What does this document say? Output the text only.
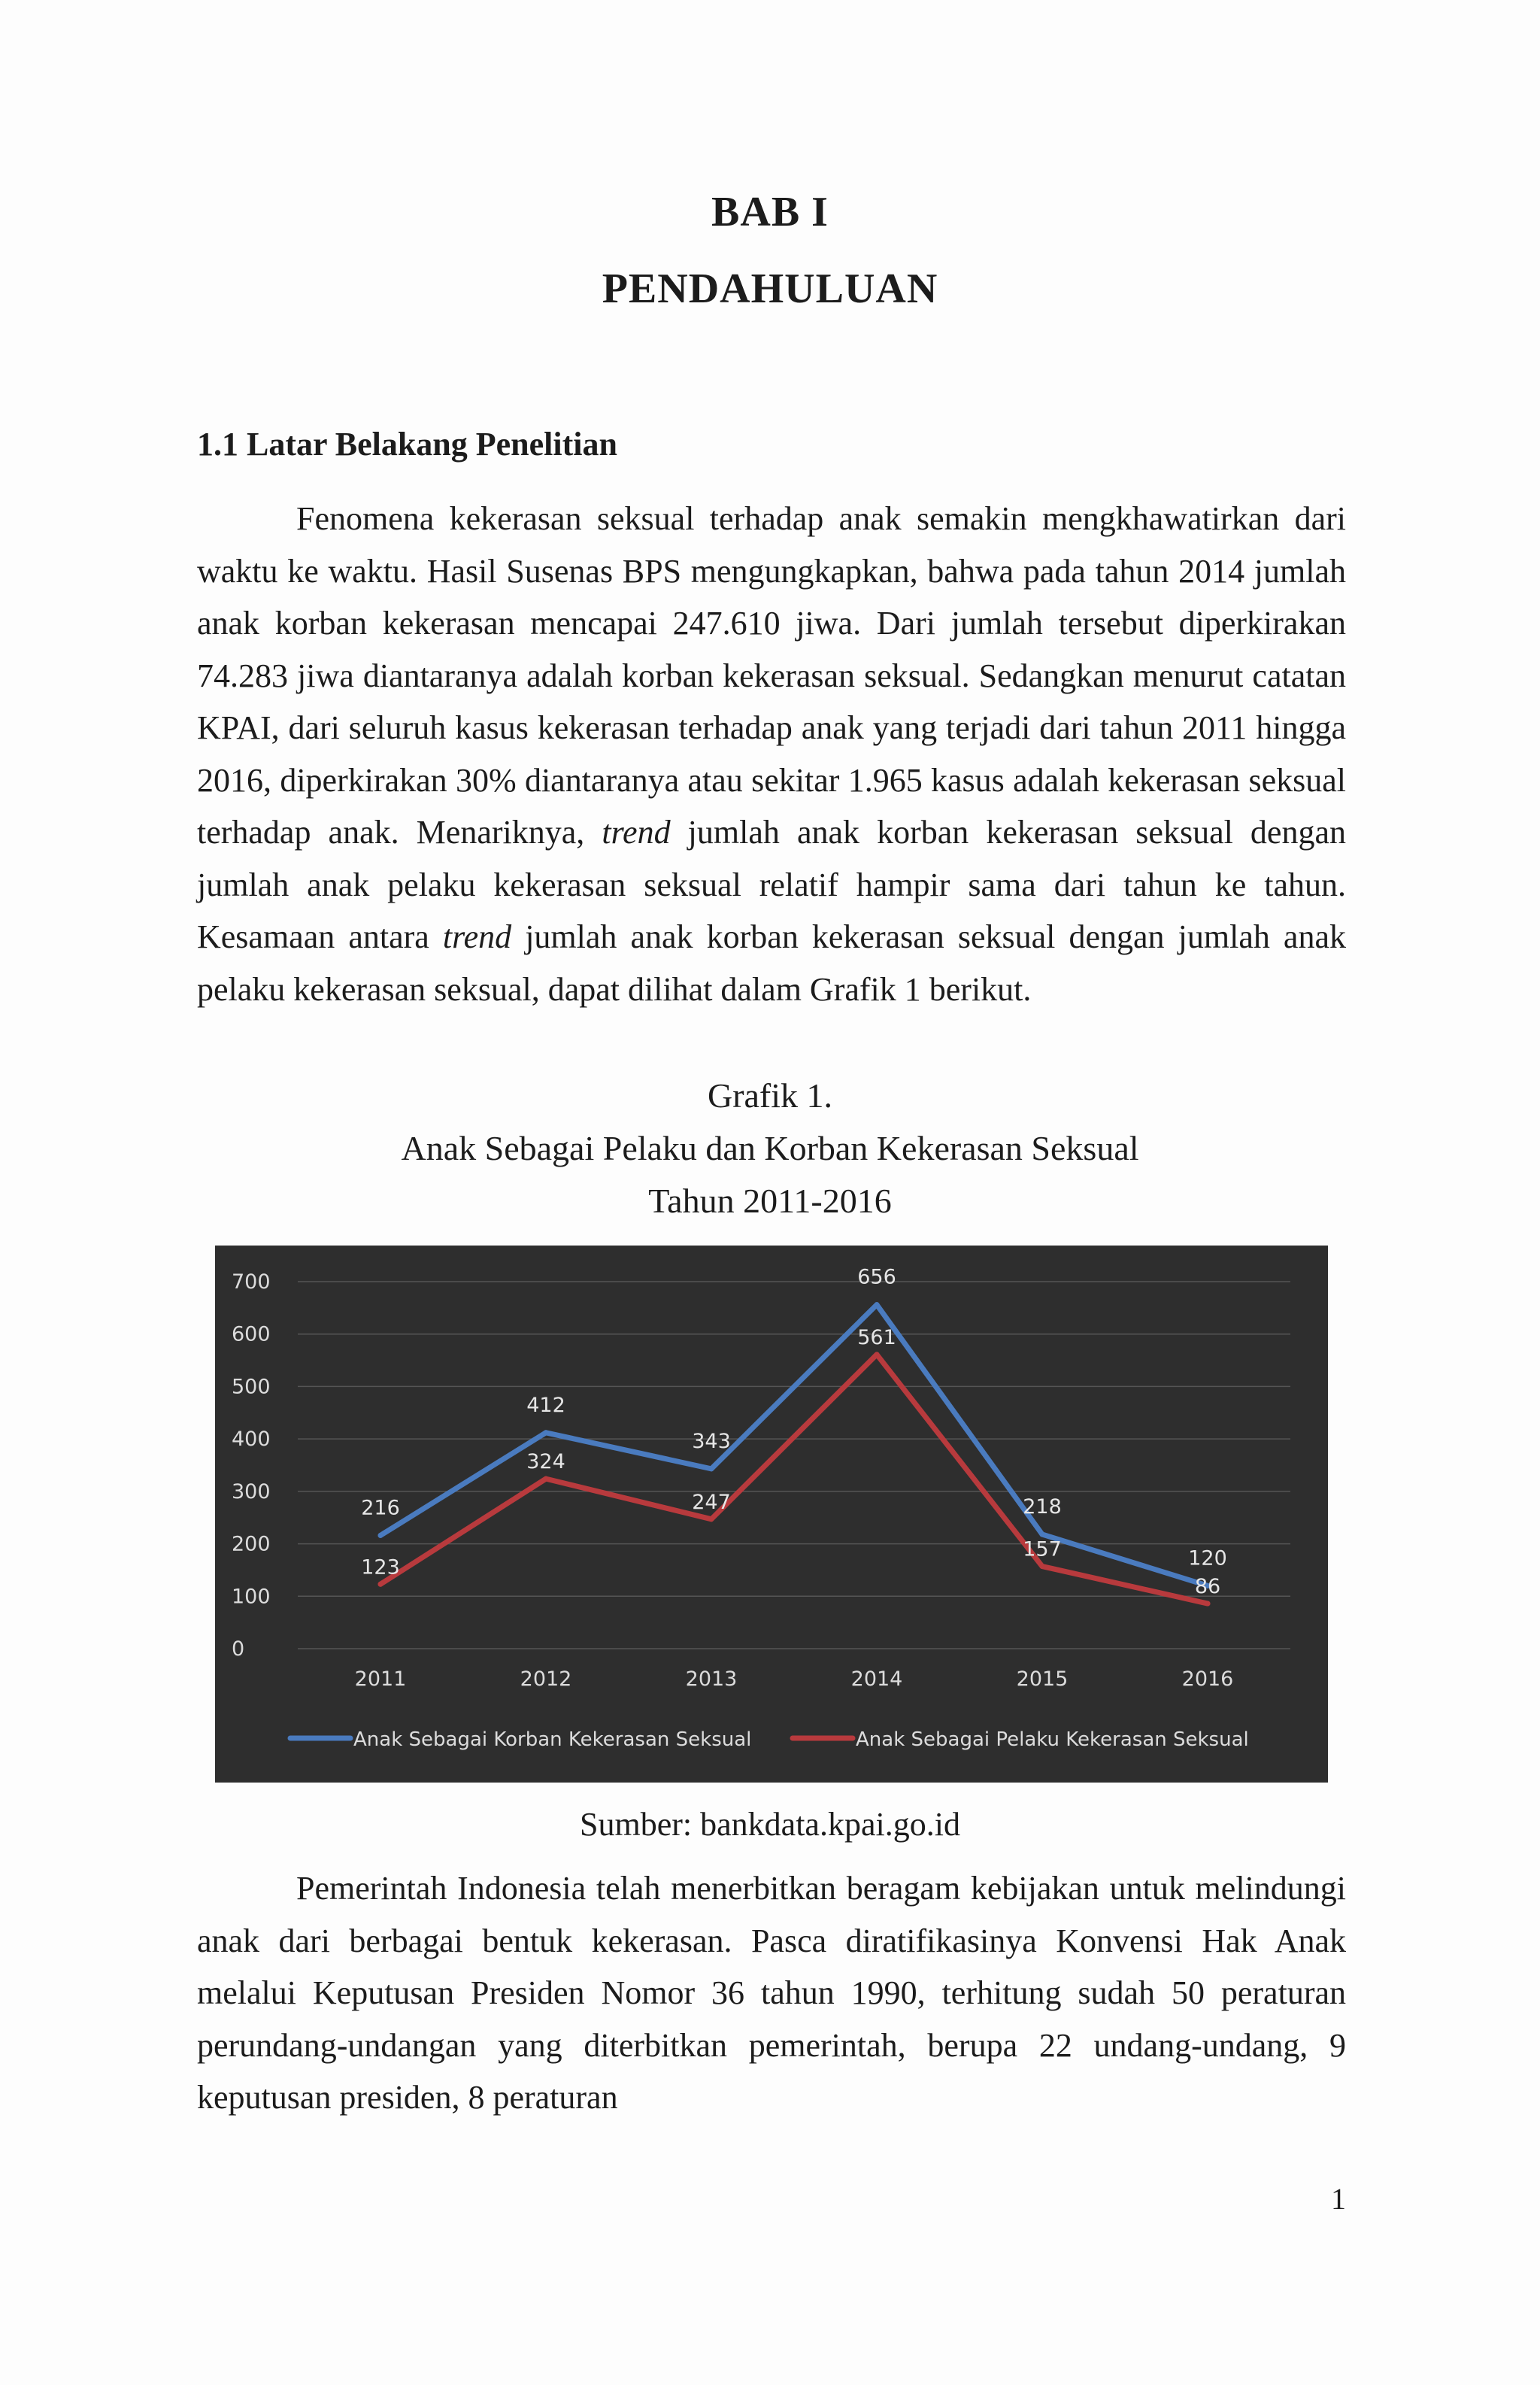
BAB I
PENDAHULUAN
1.1 Latar Belakang Penelitian

Fenomena kekerasan seksual terhadap anak semakin mengkhawatirkan dari waktu ke waktu. Hasil Susenas BPS mengungkapkan, bahwa pada tahun 2014 jumlah anak korban kekerasan mencapai 247.610 jiwa. Dari jumlah tersebut diperkirakan 74.283 jiwa diantaranya adalah korban kekerasan seksual. Sedangkan menurut catatan KPAI, dari seluruh kasus kekerasan terhadap anak yang terjadi dari tahun 2011 hingga 2016, diperkirakan 30% diantaranya atau sekitar 1.965 kasus adalah kekerasan seksual terhadap anak. Menariknya, trend jumlah anak korban kekerasan seksual dengan jumlah anak pelaku kekerasan seksual relatif hampir sama dari tahun ke tahun. Kesamaan antara trend jumlah anak korban kekerasan seksual dengan jumlah anak pelaku kekerasan seksual, dapat dilihat dalam Grafik 1 berikut.

Grafik 1.

Anak Sebagai Pelaku dan Korban Kekerasan Seksual

Tahun 2011-2016

0
100
200
300
400
500
600
700
2011	2012	2013	2014	2015	2016
216
412
343
656
218
120
123
324
247
561
157
86
Anak Sebagai Korban Kekerasan Seksual	Anak Sebagai Pelaku Kekerasan Seksual

Sumber: bankdata.kpai.go.id

Pemerintah Indonesia telah menerbitkan beragam kebijakan untuk melindungi anak dari berbagai bentuk kekerasan. Pasca diratifikasinya Konvensi Hak Anak melalui Keputusan Presiden Nomor 36 tahun 1990, terhitung sudah 50 peraturan perundang-undangan yang diterbitkan pemerintah, berupa 22 undang-undang, 9 keputusan presiden, 8 peraturan

1
